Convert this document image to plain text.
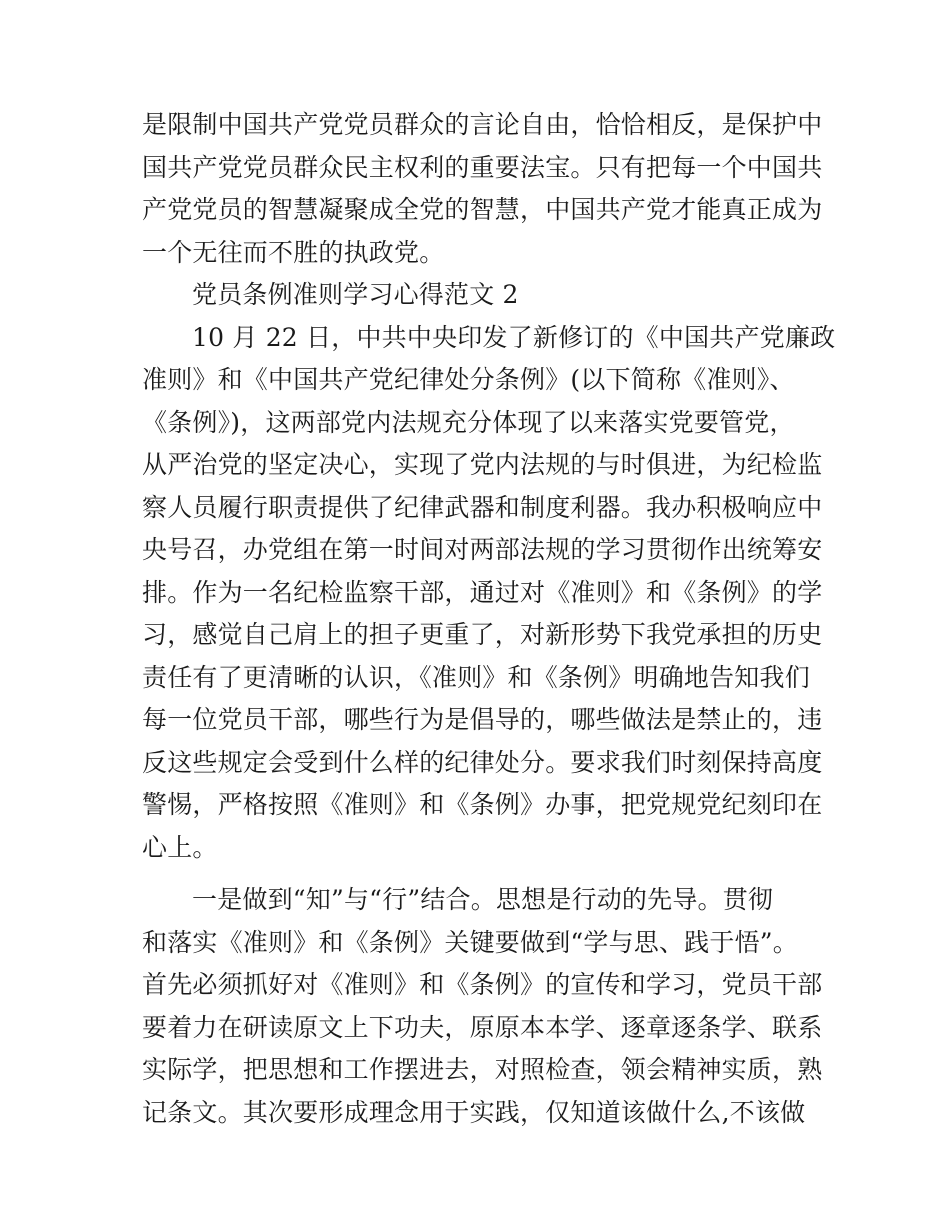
是限制中国共产党党员群众的言论自由，恰恰相反，是保护中
国共产党党员群众民主权利的重要法宝。只有把每一个中国共
产党党员的智慧凝聚成全党的智慧，中国共产党才能真正成为
一个无往而不胜的执政党。
党员条例准则学习心得范文 2
10 月 22 日，中共中央印发了新修订的《中国共产党廉政
准则》和《中国共产党纪律处分条例》(以下简称《准则》、
《条例》)，这两部党内法规充分体现了以来落实党要管党，
从严治党的坚定决心，实现了党内法规的与时俱进，为纪检监
察人员履行职责提供了纪律武器和制度利器。我办积极响应中
央号召，办党组在第一时间对两部法规的学习贯彻作出统筹安
排。作为一名纪检监察干部，通过对《准则》和《条例》的学
习，感觉自己肩上的担子更重了，对新形势下我党承担的历史
责任有了更清晰的认识，《准则》和《条例》明确地告知我们
每一位党员干部，哪些行为是倡导的，哪些做法是禁止的，违
反这些规定会受到什么样的纪律处分。要求我们时刻保持高度
警惕，严格按照《准则》和《条例》办事，把党规党纪刻印在
心上。
一是做到“知”与“行”结合。思想是行动的先导。贯彻
和落实《准则》和《条例》关键要做到“学与思、践于悟”。
首先必须抓好对《准则》和《条例》的宣传和学习，党员干部
要着力在研读原文上下功夫，原原本本学、逐章逐条学、联系
实际学，把思想和工作摆进去，对照检查，领会精神实质，熟
记条文。其次要形成理念用于实践，仅知道该做什么,不该做
